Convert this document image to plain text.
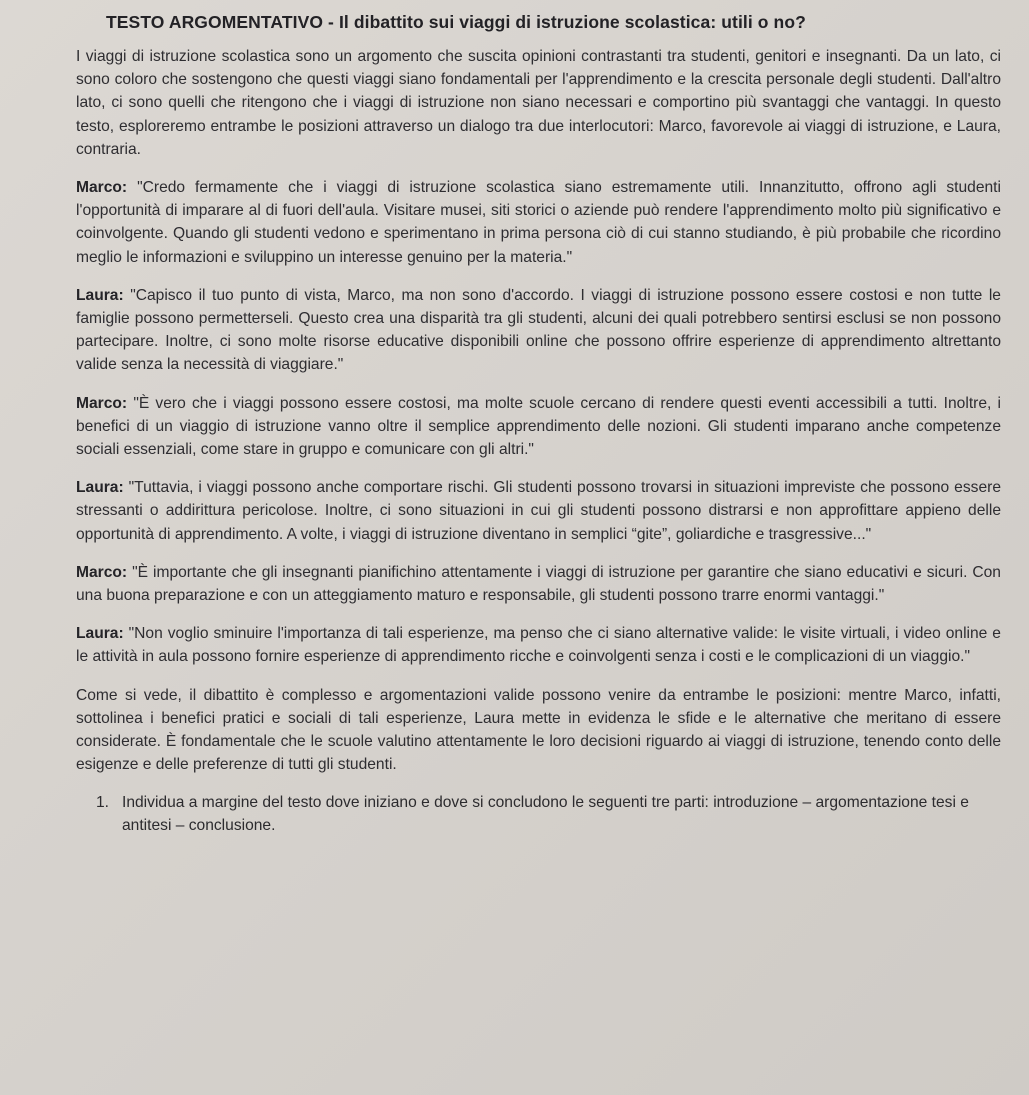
TESTO ARGOMENTATIVO - Il dibattito sui viaggi di istruzione scolastica: utili o no?

I viaggi di istruzione scolastica sono un argomento che suscita opinioni contrastanti tra studenti, genitori e insegnanti. Da un lato, ci sono coloro che sostengono che questi viaggi siano fondamentali per l'apprendimento e la crescita personale degli studenti. Dall'altro lato, ci sono quelli che ritengono che i viaggi di istruzione non siano necessari e comportino più svantaggi che vantaggi. In questo testo, esploreremo entrambe le posizioni attraverso un dialogo tra due interlocutori: Marco, favorevole ai viaggi di istruzione, e Laura, contraria.

Marco: "Credo fermamente che i viaggi di istruzione scolastica siano estremamente utili. Innanzitutto, offrono agli studenti l'opportunità di imparare al di fuori dell'aula. Visitare musei, siti storici o aziende può rendere l'apprendimento molto più significativo e coinvolgente. Quando gli studenti vedono e sperimentano in prima persona ciò di cui stanno studiando, è più probabile che ricordino meglio le informazioni e sviluppino un interesse genuino per la materia."

Laura: "Capisco il tuo punto di vista, Marco, ma non sono d'accordo. I viaggi di istruzione possono essere costosi e non tutte le famiglie possono permetterseli. Questo crea una disparità tra gli studenti, alcuni dei quali potrebbero sentirsi esclusi se non possono partecipare. Inoltre, ci sono molte risorse educative disponibili online che possono offrire esperienze di apprendimento altrettanto valide senza la necessità di viaggiare."

Marco: "È vero che i viaggi possono essere costosi, ma molte scuole cercano di rendere questi eventi accessibili a tutti. Inoltre, i benefici di un viaggio di istruzione vanno oltre il semplice apprendimento delle nozioni. Gli studenti imparano anche competenze sociali essenziali, come stare in gruppo e comunicare con gli altri."

Laura: "Tuttavia, i viaggi possono anche comportare rischi. Gli studenti possono trovarsi in situazioni impreviste che possono essere stressanti o addirittura pericolose. Inoltre, ci sono situazioni in cui gli studenti possono distrarsi e non approfittare appieno delle opportunità di apprendimento. A volte, i viaggi di istruzione diventano in semplici “gite”, goliardiche e trasgressive..."

Marco: "È importante che gli insegnanti pianifichino attentamente i viaggi di istruzione per garantire che siano educativi e sicuri. Con una buona preparazione e con un atteggiamento maturo e responsabile, gli studenti possono trarre enormi vantaggi."

Laura: "Non voglio sminuire l'importanza di tali esperienze, ma penso che ci siano alternative valide: le visite virtuali, i video online e le attività in aula possono fornire esperienze di apprendimento ricche e coinvolgenti senza i costi e le complicazioni di un viaggio."

Come si vede, il dibattito è complesso e argomentazioni valide possono venire da entrambe le posizioni: mentre Marco, infatti, sottolinea i benefici pratici e sociali di tali esperienze, Laura mette in evidenza le sfide e le alternative che meritano di essere considerate. È fondamentale che le scuole valutino attentamente le loro decisioni riguardo ai viaggi di istruzione, tenendo conto delle esigenze e delle preferenze di tutti gli studenti.

1. Individua a margine del testo dove iniziano e dove si concludono le seguenti tre parti: introduzione – argomentazione tesi e antitesi – conclusione.
